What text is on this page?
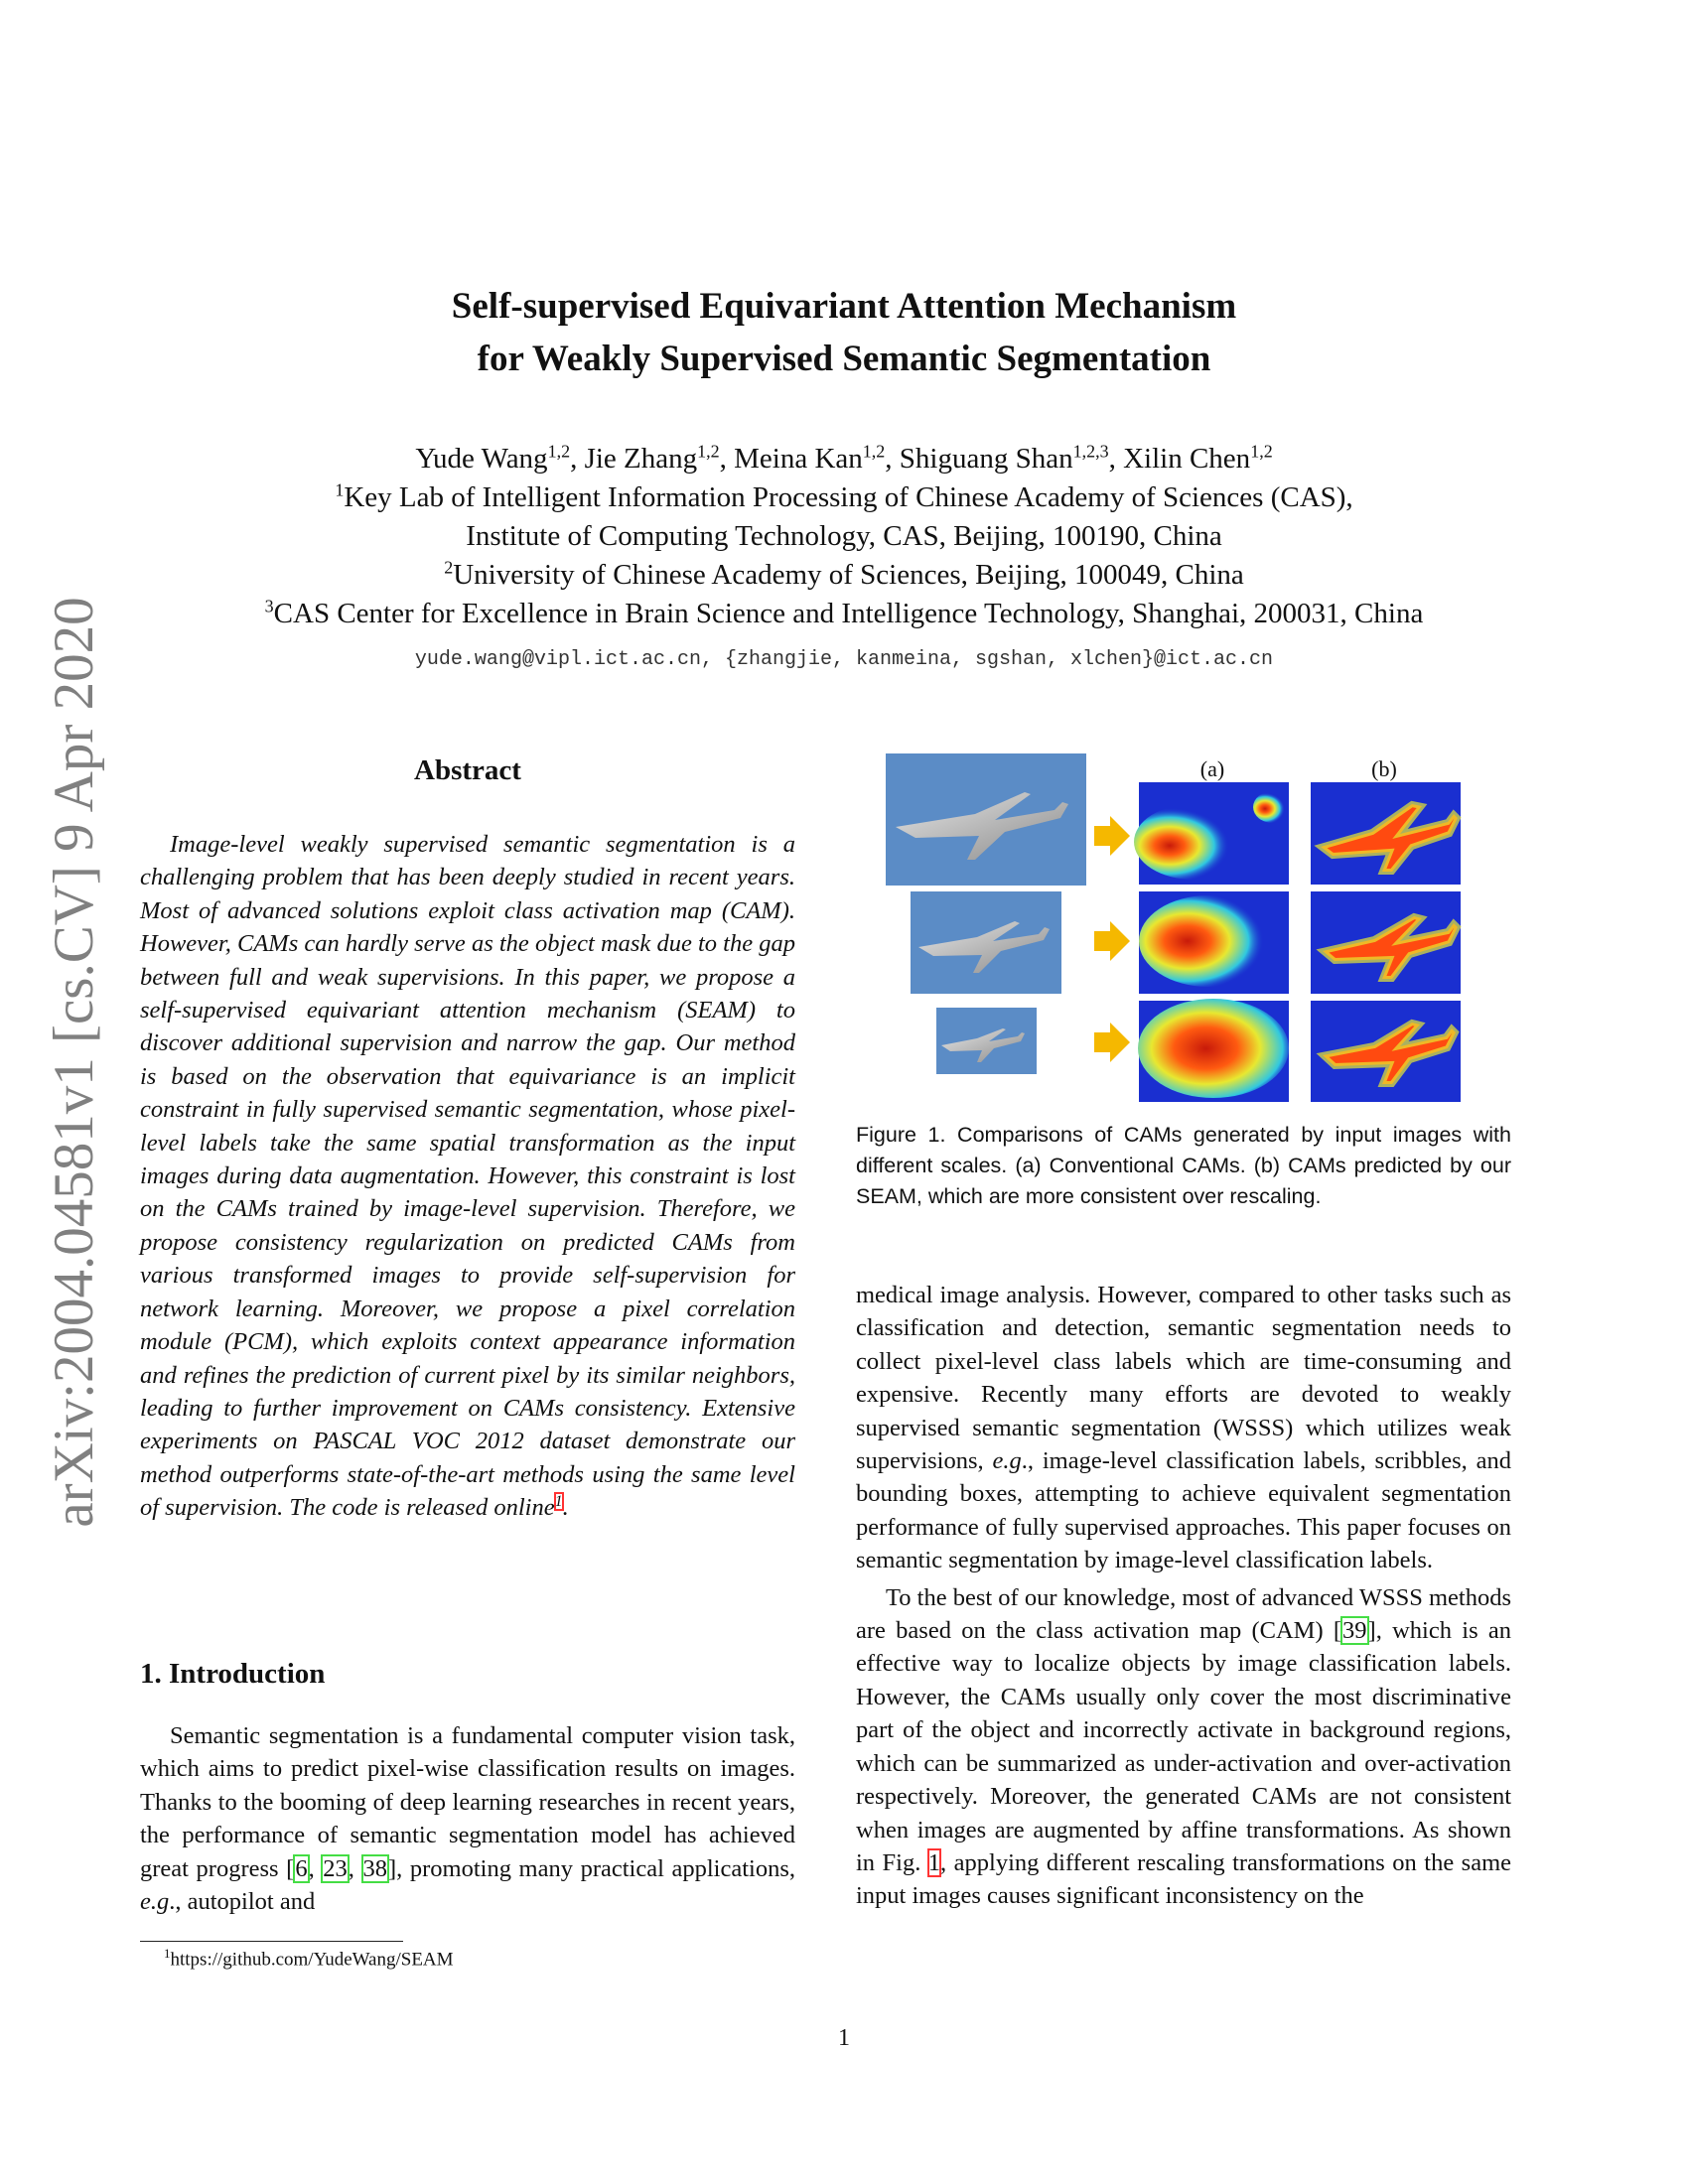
arXiv:2004.04581v1 [cs.CV] 9 Apr 2020
Self-supervised Equivariant Attention Mechanism
for Weakly Supervised Semantic Segmentation
Yude Wang$^{1,2}$, Jie Zhang$^{1,2}$, Meina Kan$^{1,2}$, Shiguang Shan$^{1,2,3}$, Xilin Chen$^{1,2}$
$^1$Key Lab of Intelligent Information Processing of Chinese Academy of Sciences (CAS),
Institute of Computing Technology, CAS, Beijing, 100190, China
$^2$University of Chinese Academy of Sciences, Beijing, 100049, China
$^3$CAS Center for Excellence in Brain Science and Intelligence Technology, Shanghai, 200031, China
yude.wang@vipl.ict.ac.cn, {zhangjie, kanmeina, sgshan, xlchen}@ict.ac.cn
Abstract
Image-level weakly supervised semantic segmentation is a challenging problem that has been deeply studied in recent years. Most of advanced solutions exploit class activation map (CAM). However, CAMs can hardly serve as the object mask due to the gap between full and weak supervisions. In this paper, we propose a self-supervised equivariant attention mechanism (SEAM) to discover additional supervision and narrow the gap. Our method is based on the observation that equivariance is an implicit constraint in fully supervised semantic segmentation, whose pixel-level labels take the same spatial transformation as the input images during data augmentation. However, this constraint is lost on the CAMs trained by image-level supervision. Therefore, we propose consistency regularization on predicted CAMs from various transformed images to provide self-supervision for network learning. Moreover, we propose a pixel correlation module (PCM), which exploits context appearance information and refines the prediction of current pixel by its similar neighbors, leading to further improvement on CAMs consistency. Extensive experiments on PASCAL VOC 2012 dataset demonstrate our method outperforms state-of-the-art methods using the same level of supervision. The code is released online$^1$.
1. Introduction
Semantic segmentation is a fundamental computer vision task, which aims to predict pixel-wise classification results on images. Thanks to the booming of deep learning researches in recent years, the performance of semantic segmentation model has achieved great progress [6, 23, 38], promoting many practical applications, e.g., autopilot and
$^1$https://github.com/YudeWang/SEAM
(a)	(b)
Figure 1. Comparisons of CAMs generated by input images with different scales. (a) Conventional CAMs. (b) CAMs predicted by our SEAM, which are more consistent over rescaling.

medical image analysis. However, compared to other tasks such as classification and detection, semantic segmentation needs to collect pixel-level class labels which are time-consuming and expensive. Recently many efforts are devoted to weakly supervised semantic segmentation (WSSS) which utilizes weak supervisions, e.g., image-level classification labels, scribbles, and bounding boxes, attempting to achieve equivalent segmentation performance of fully supervised approaches. This paper focuses on semantic segmentation by image-level classification labels.

To the best of our knowledge, most of advanced WSSS methods are based on the class activation map (CAM) [39], which is an effective way to localize objects by image classification labels. However, the CAMs usually only cover the most discriminative part of the object and incorrectly activate in background regions, which can be summarized as under-activation and over-activation respectively. Moreover, the generated CAMs are not consistent when images are augmented by affine transformations. As shown in Fig. 1, applying different rescaling transformations on the same input images causes significant inconsistency on the

1
